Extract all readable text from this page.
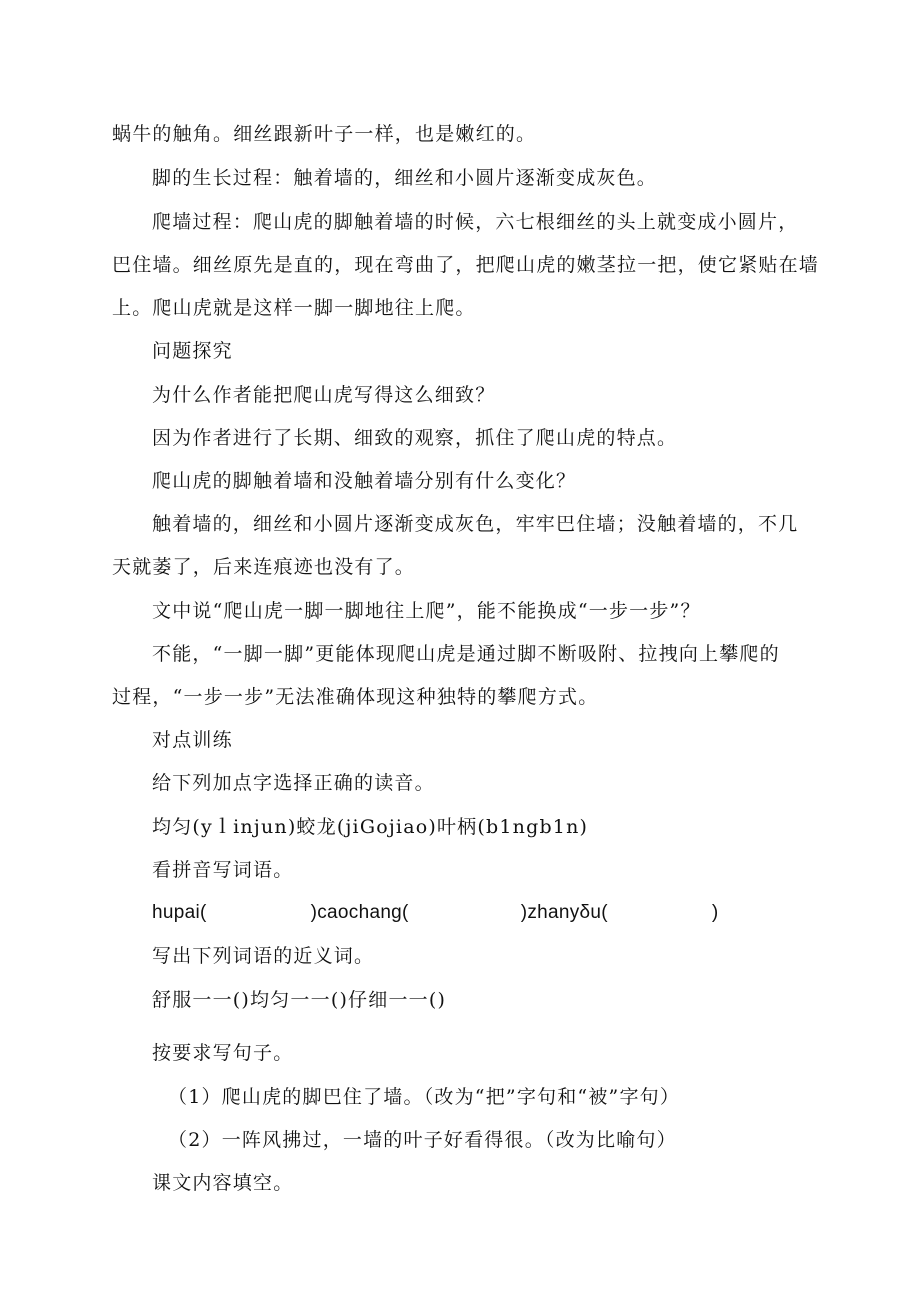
蜗牛的触角。细丝跟新叶子一样，也是嫩红的。
脚的生长过程：触着墙的，细丝和小圆片逐渐变成灰色。
爬墙过程：爬山虎的脚触着墙的时候，六七根细丝的头上就变成小圆片，
巴住墙。细丝原先是直的，现在弯曲了，把爬山虎的嫩茎拉一把，使它紧贴在墙
上。爬山虎就是这样一脚一脚地往上爬。
问题探究
为什么作者能把爬山虎写得这么细致？
因为作者进行了长期、细致的观察，抓住了爬山虎的特点。
爬山虎的脚触着墙和没触着墙分别有什么变化？
触着墙的，细丝和小圆片逐渐变成灰色，牢牢巴住墙；没触着墙的，不几
天就萎了，后来连痕迹也没有了。
文中说“爬山虎一脚一脚地往上爬”，能不能换成“一步一步”？
不能，“一脚一脚”更能体现爬山虎是通过脚不断吸附、拉拽向上攀爬的
过程，“一步一步”无法准确体现这种独特的攀爬方式。
对点训练
给下列加点字选择正确的读音。
均匀(yｌinjun)蛟龙(jiGojiao)叶柄(b1ngb1n)
看拼音写词语。
hupai(	)caochang(	)zhanyδu(	)
写出下列词语的近义词。
舒服一一()均匀一一()仔细一一()
按要求写句子。
（1）爬山虎的脚巴住了墙。（改为“把”字句和“被”字句）
（2）一阵风拂过，一墙的叶子好看得很。（改为比喻句）
课文内容填空。
